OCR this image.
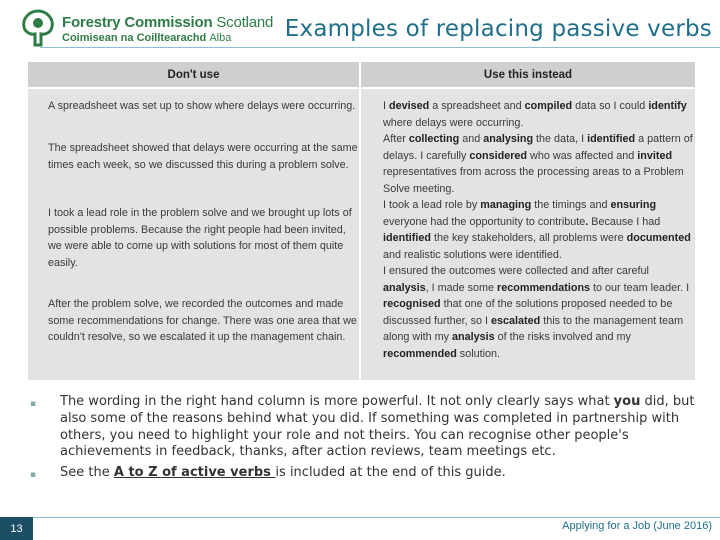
Forestry Commission Scotland
Coimisean na Coilltearachd Alba Examples of replacing passive verbs
Don't use	Use this instead
A spreadsheet was set up to show where delays were occurring.
The spreadsheet showed that delays were occurring at the same times each week, so we discussed this during a problem solve.
I took a lead role in the problem solve and we brought up lots of possible problems. Because the right people had been invited, we were able to come up with solutions for most of them quite easily.
After the problem solve, we recorded the outcomes and made some recommendations for change. There was one area that we couldn't resolve, so we escalated it up the management chain.
I devised a spreadsheet and compiled data so I could identify where delays were occurring.
After collecting and analysing the data, I identified a pattern of delays. I carefully considered who was affected and invited representatives from across the processing areas to a Problem Solve meeting.
I took a lead role by managing the timings and ensuring everyone had the opportunity to contribute. Because I had identified the key stakeholders, all problems were documented and realistic solutions were identified.
I ensured the outcomes were collected and after careful analysis, I made some recommendations to our team leader. I recognised that one of the solutions proposed needed to be discussed further, so I escalated this to the management team along with my analysis of the risks involved and my recommended solution.
▪ The wording in the right hand column is more powerful. It not only clearly says what you did, but also some of the reasons behind what you did. If something was completed in partnership with others, you need to highlight your role and not theirs. You can recognise other people's achievements in feedback, thanks, after action reviews, team meetings etc.
▪ See the A to Z of active verbs is included at the end of this guide.
13	Applying for a Job (June 2016)
